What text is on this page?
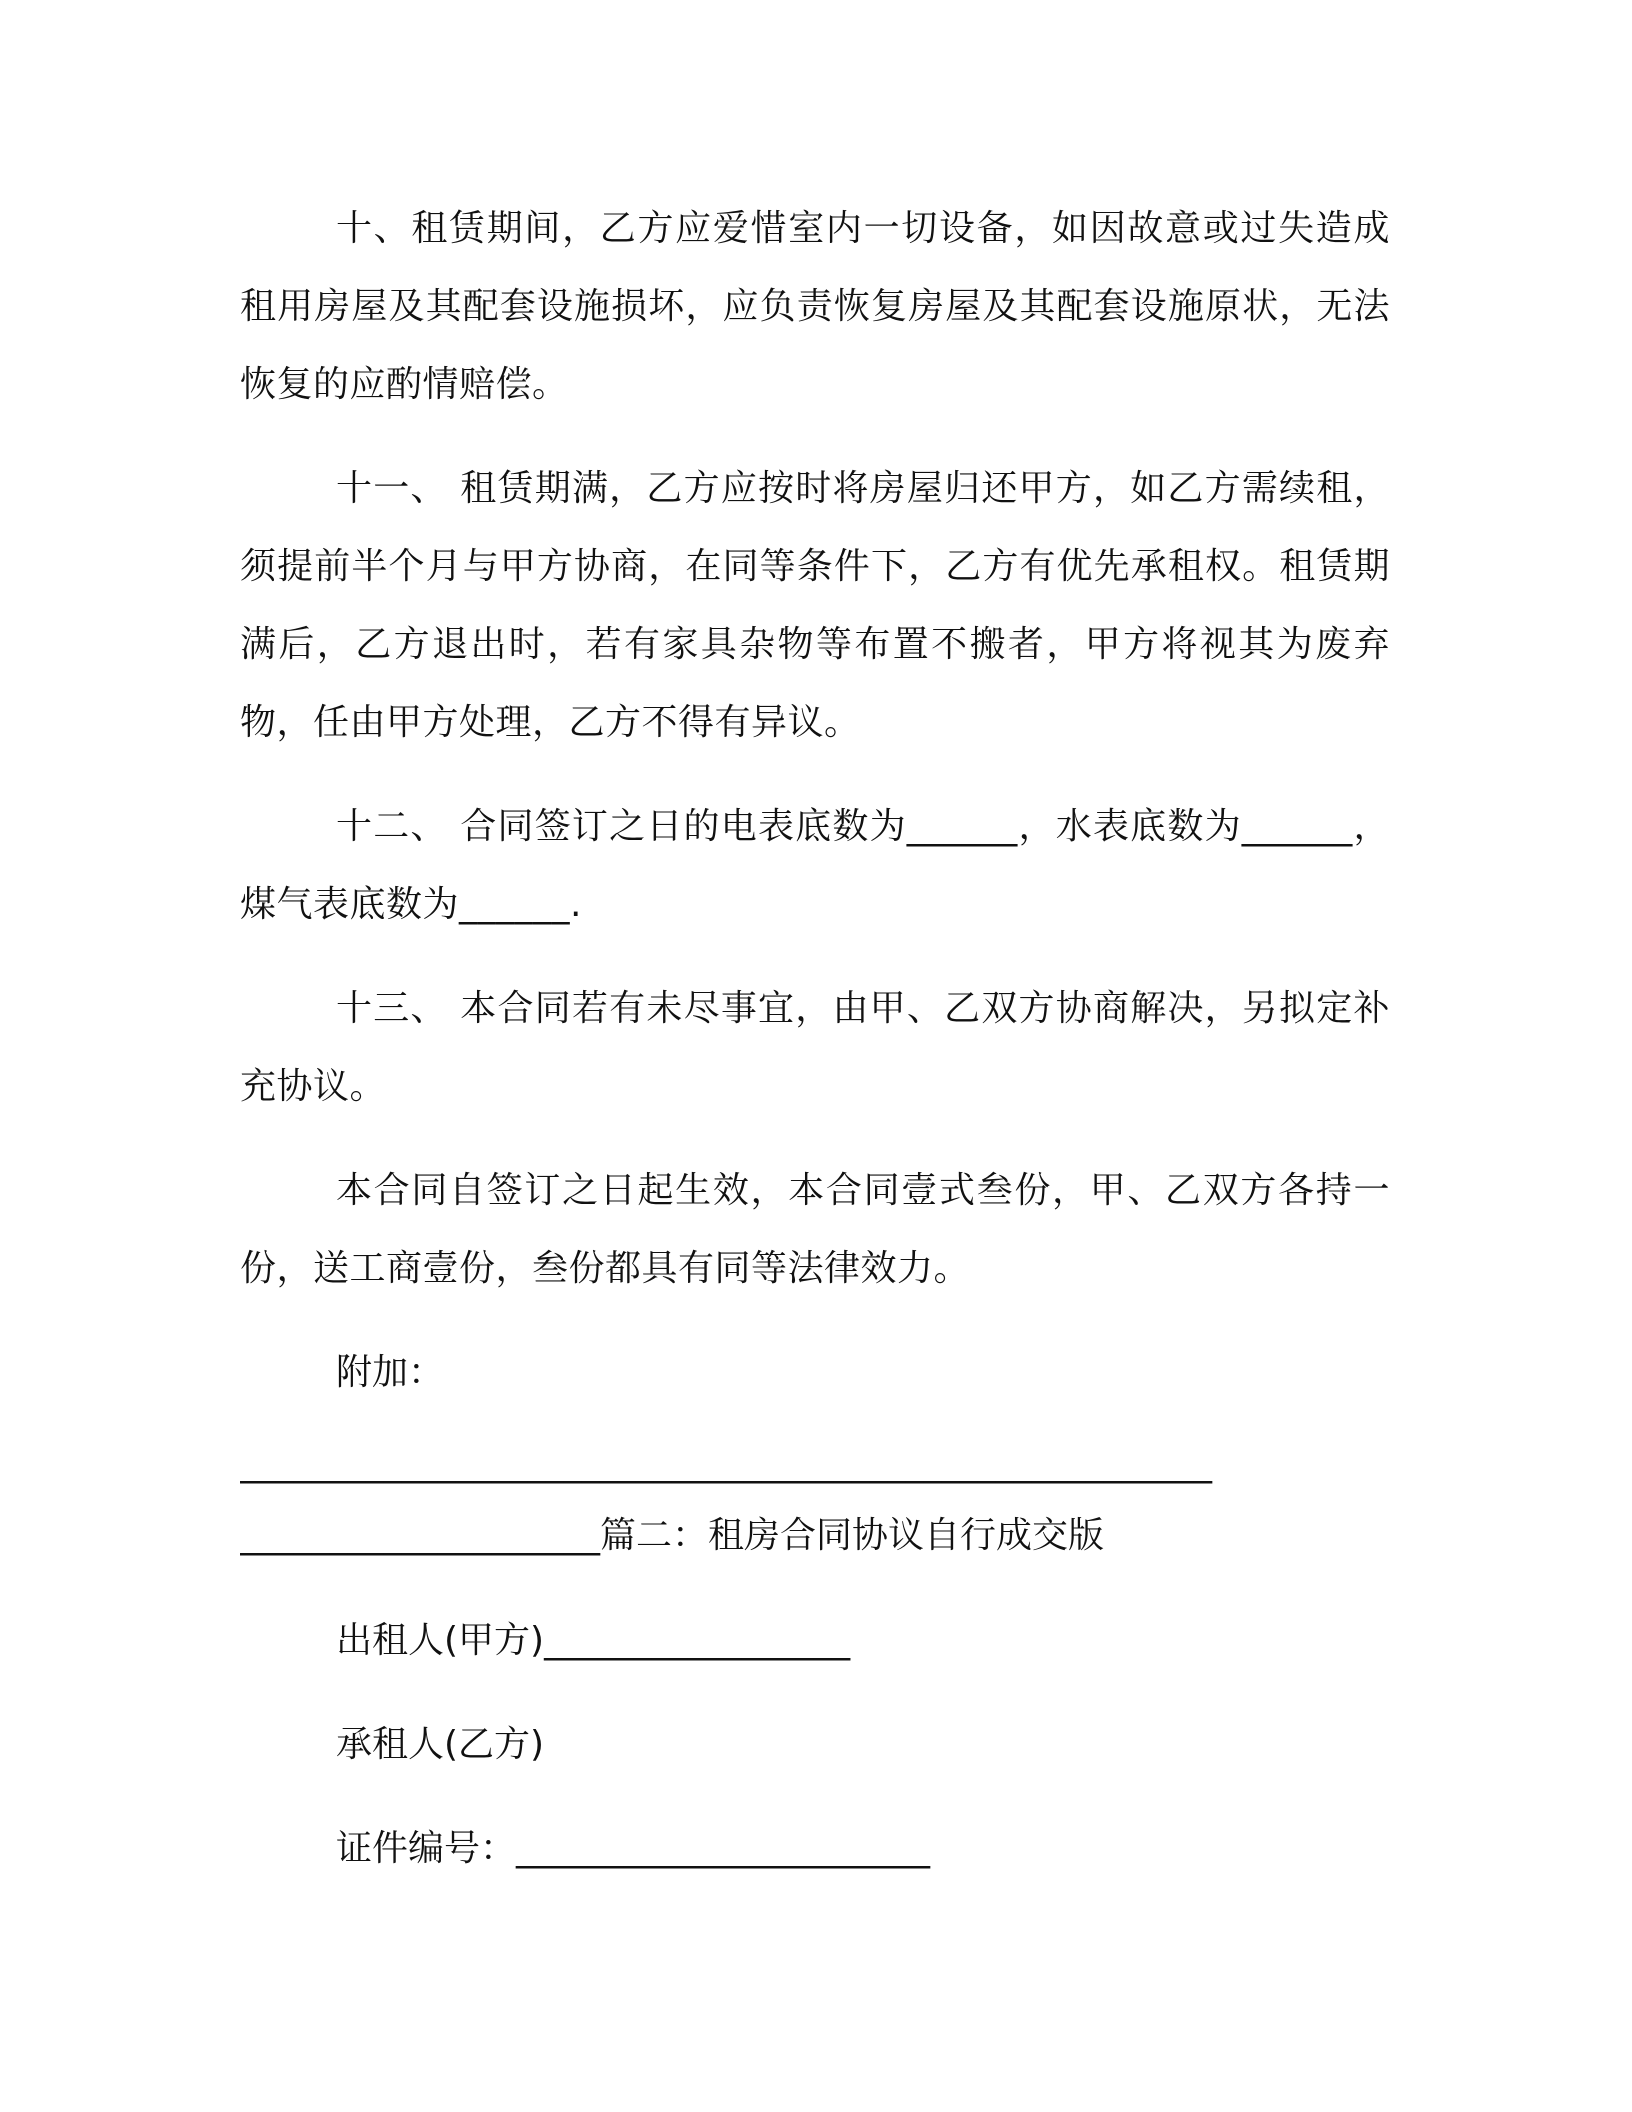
十、租赁期间，乙方应爱惜室内一切设备，如因故意或过失造成租用房屋及其配套设施损坏，应负责恢复房屋及其配套设施原状，无法恢复的应酌情赔偿。

十一、 租赁期满，乙方应按时将房屋归还甲方，如乙方需续租，须提前半个月与甲方协商，在同等条件下，乙方有优先承租权。租赁期满后，乙方退出时，若有家具杂物等布置不搬者，甲方将视其为废弃物，任由甲方处理，乙方不得有异议。

十二、 合同签订之日的电表底数为______，水表底数为______，煤气表底数为______.

十三、 本合同若有未尽事宜，由甲、乙双方协商解决，另拟定补充协议。

本合同自签订之日起生效，本合同壹式叁份，甲、乙双方各持一份，送工商壹份，叁份都具有同等法律效力。

附加：

______________________________________________________

____________________篇二：租房合同协议自行成交版

出租人(甲方)_________________

承租人(乙方)

证件编号：_______________________
